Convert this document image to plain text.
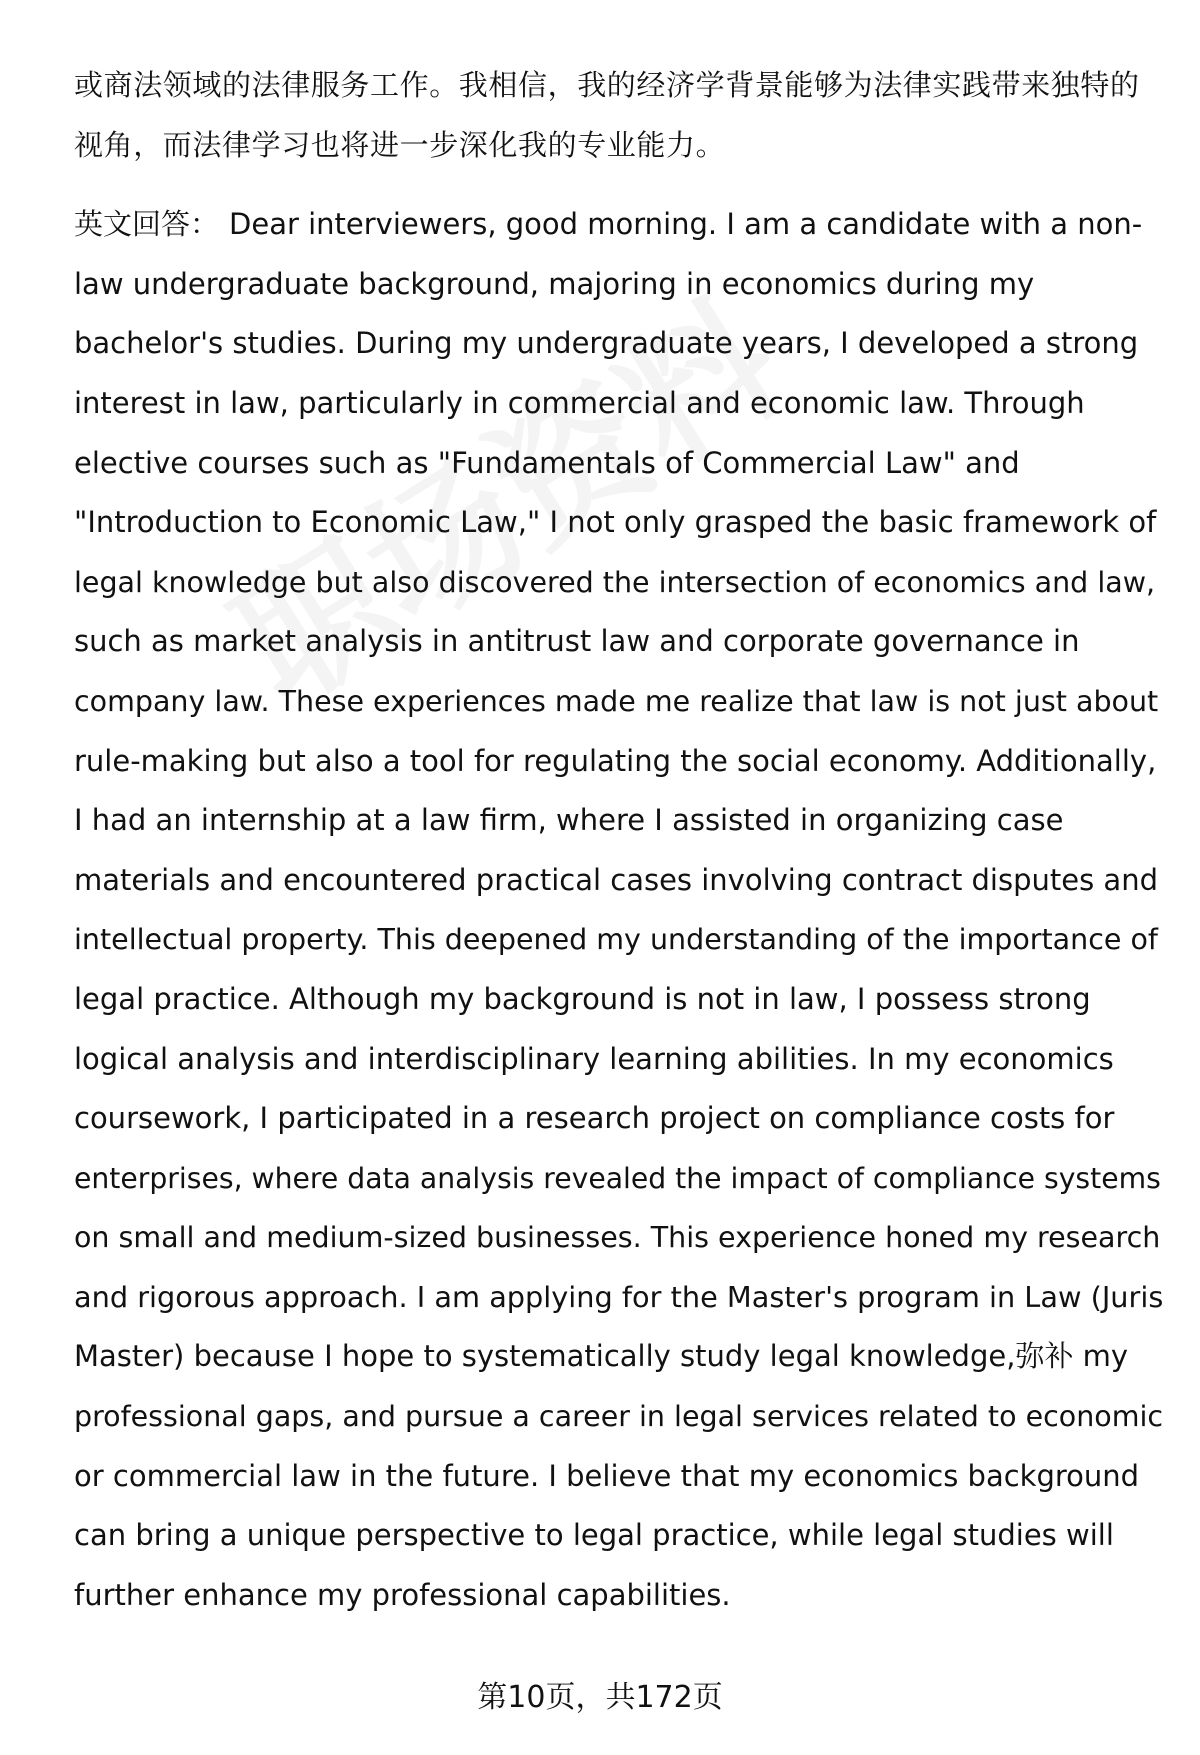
或商法领域的法律服务工作。我相信，我的经济学背景能够为法律实践带来独特的
视角，而法律学习也将进一步深化我的专业能力。

英文回答： Dear interviewers, good morning. I am a candidate with a non-
law undergraduate background, majoring in economics during my
bachelor's studies. During my undergraduate years, I developed a strong
interest in law, particularly in commercial and economic law. Through
elective courses such as "Fundamentals of Commercial Law" and
"Introduction to Economic Law," I not only grasped the basic framework of
legal knowledge but also discovered the intersection of economics and law,
such as market analysis in antitrust law and corporate governance in
company law. These experiences made me realize that law is not just about
rule-making but also a tool for regulating the social economy. Additionally,
I had an internship at a law firm, where I assisted in organizing case
materials and encountered practical cases involving contract disputes and
intellectual property. This deepened my understanding of the importance of
legal practice. Although my background is not in law, I possess strong
logical analysis and interdisciplinary learning abilities. In my economics
coursework, I participated in a research project on compliance costs for
enterprises, where data analysis revealed the impact of compliance systems
on small and medium-sized businesses. This experience honed my research
and rigorous approach. I am applying for the Master's program in Law (Juris
Master) because I hope to systematically study legal knowledge,弥补 my
professional gaps, and pursue a career in legal services related to economic
or commercial law in the future. I believe that my economics background
can bring a unique perspective to legal practice, while legal studies will
further enhance my professional capabilities.

第10页，共172页
